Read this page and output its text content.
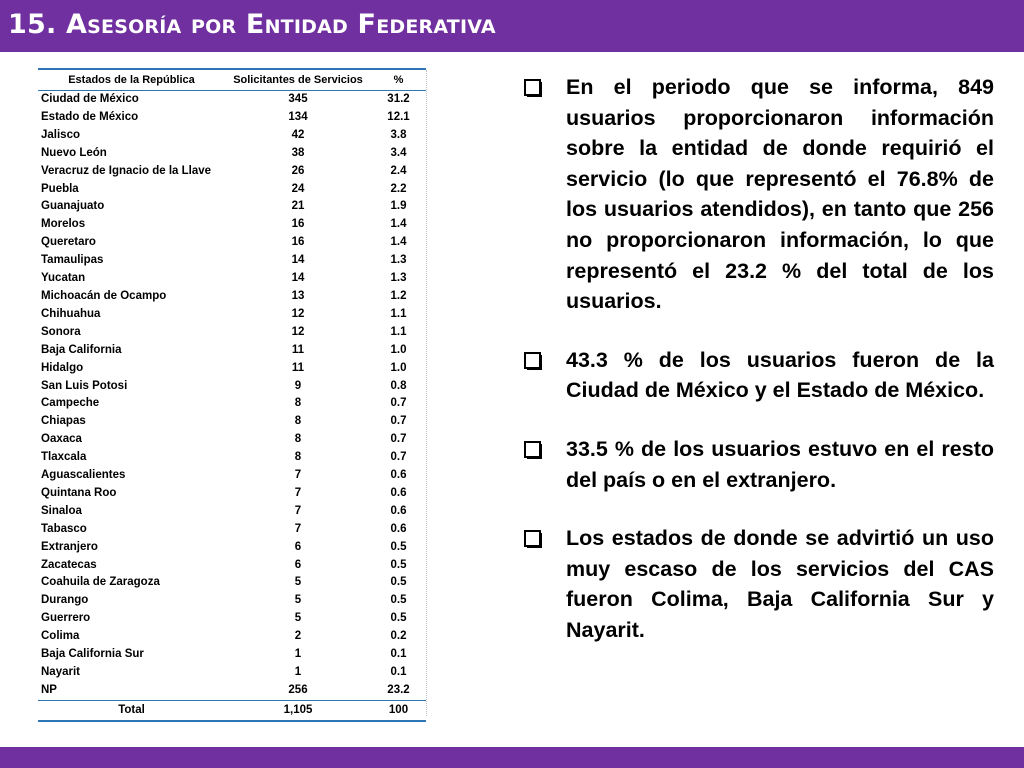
15. Asesoría por Entidad Federativa
Estados de la República	Solicitantes de Servicios	%
Ciudad de México	345	31.2
Estado de México	134	12.1
Jalisco	42	3.8
Nuevo León	38	3.4
Veracruz de Ignacio de la Llave	26	2.4
Puebla	24	2.2
Guanajuato	21	1.9
Morelos	16	1.4
Queretaro	16	1.4
Tamaulipas	14	1.3
Yucatan	14	1.3
Michoacán de Ocampo	13	1.2
Chihuahua	12	1.1
Sonora	12	1.1
Baja California	11	1.0
Hidalgo	11	1.0
San Luis Potosi	9	0.8
Campeche	8	0.7
Chiapas	8	0.7
Oaxaca	8	0.7
Tlaxcala	8	0.7
Aguascalientes	7	0.6
Quintana Roo	7	0.6
Sinaloa	7	0.6
Tabasco	7	0.6
Extranjero	6	0.5
Zacatecas	6	0.5
Coahuila de Zaragoza	5	0.5
Durango	5	0.5
Guerrero	5	0.5
Colima	2	0.2
Baja California Sur	1	0.1
Nayarit	1	0.1
NP	256	23.2
Total	1,105	100

En el periodo que se informa, 849 usuarios proporcionaron información sobre la entidad de donde requirió el servicio (lo que representó el 76.8% de los usuarios atendidos), en tanto que 256 no proporcionaron información, lo que representó el 23.2 % del total de los usuarios.

43.3 % de los usuarios fueron de la Ciudad de México y el Estado de México.

33.5 % de los usuarios estuvo en el resto del país o en el extranjero.

Los estados de donde se advirtió un uso muy escaso de los servicios del CAS fueron Colima, Baja California Sur y Nayarit.
